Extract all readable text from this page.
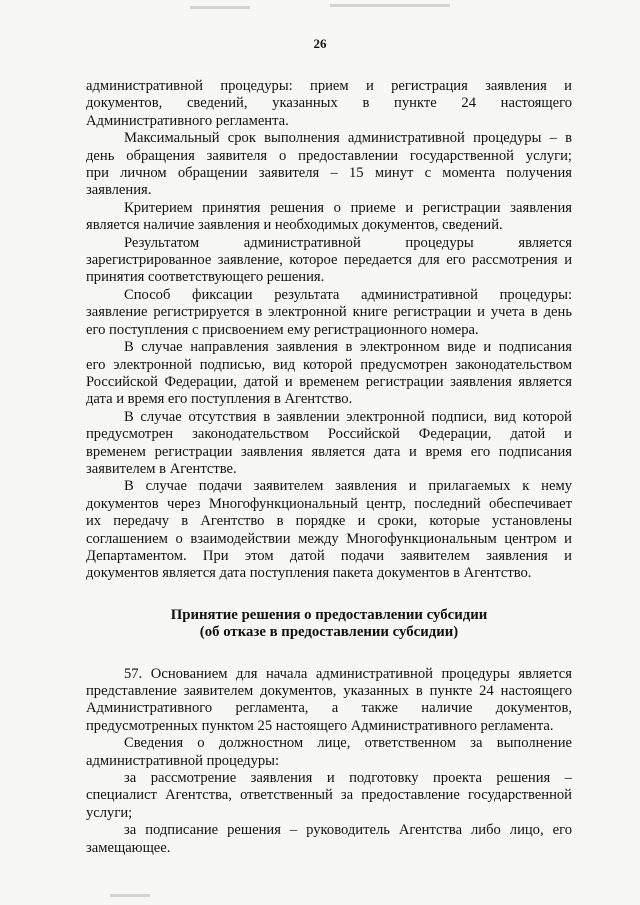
26
административной процедуры: прием и регистрация заявления и
документов, сведений, указанных в пункте 24 настоящего
Административного регламента.
Максимальный срок выполнения административной процедуры – в
день обращения заявителя о предоставлении государственной услуги;
при личном обращении заявителя – 15 минут с момента получения
заявления.
Критерием принятия решения о приеме и регистрации заявления
является наличие заявления и необходимых документов, сведений.
Результатом административной процедуры является
зарегистрированное заявление, которое передается для его рассмотрения и
принятия соответствующего решения.
Способ фиксации результата административной процедуры:
заявление регистрируется в электронной книге регистрации и учета в день
его поступления с присвоением ему регистрационного номера.
В случае направления заявления в электронном виде и подписания
его электронной подписью, вид которой предусмотрен законодательством
Российской Федерации, датой и временем регистрации заявления является
дата и время его поступления в Агентство.
В случае отсутствия в заявлении электронной подписи, вид которой
предусмотрен законодательством Российской Федерации, датой и
временем регистрации заявления является дата и время его подписания
заявителем в Агентстве.
В случае подачи заявителем заявления и прилагаемых к нему
документов через Многофункциональный центр, последний обеспечивает
их передачу в Агентство в порядке и сроки, которые установлены
соглашением о взаимодействии между Многофункциональным центром и
Департаментом. При этом датой подачи заявителем заявления и
документов является дата поступления пакета документов в Агентство.
Принятие решения о предоставлении субсидии
(об отказе в предоставлении субсидии)
57. Основанием для начала административной процедуры является
представление заявителем документов, указанных в пункте 24 настоящего
Административного регламента, а также наличие документов,
предусмотренных пунктом 25 настоящего Административного регламента.
Сведения о должностном лице, ответственном за выполнение
административной процедуры:
за рассмотрение заявления и подготовку проекта решения –
специалист Агентства, ответственный за предоставление государственной
услуги;
за подписание решения – руководитель Агентства либо лицо, его
замещающее.
